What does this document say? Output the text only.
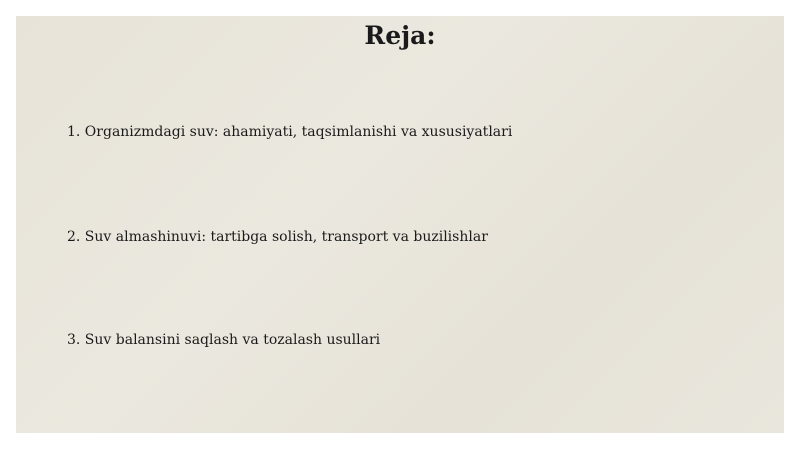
Reja:
1. Organizmdagi suv: ahamiyati, taqsimlanishi va xususiyatlari
2. Suv almashinuvi: tartibga solish, transport va buzilishlar
3. Suv balansini saqlash va tozalash usullari
